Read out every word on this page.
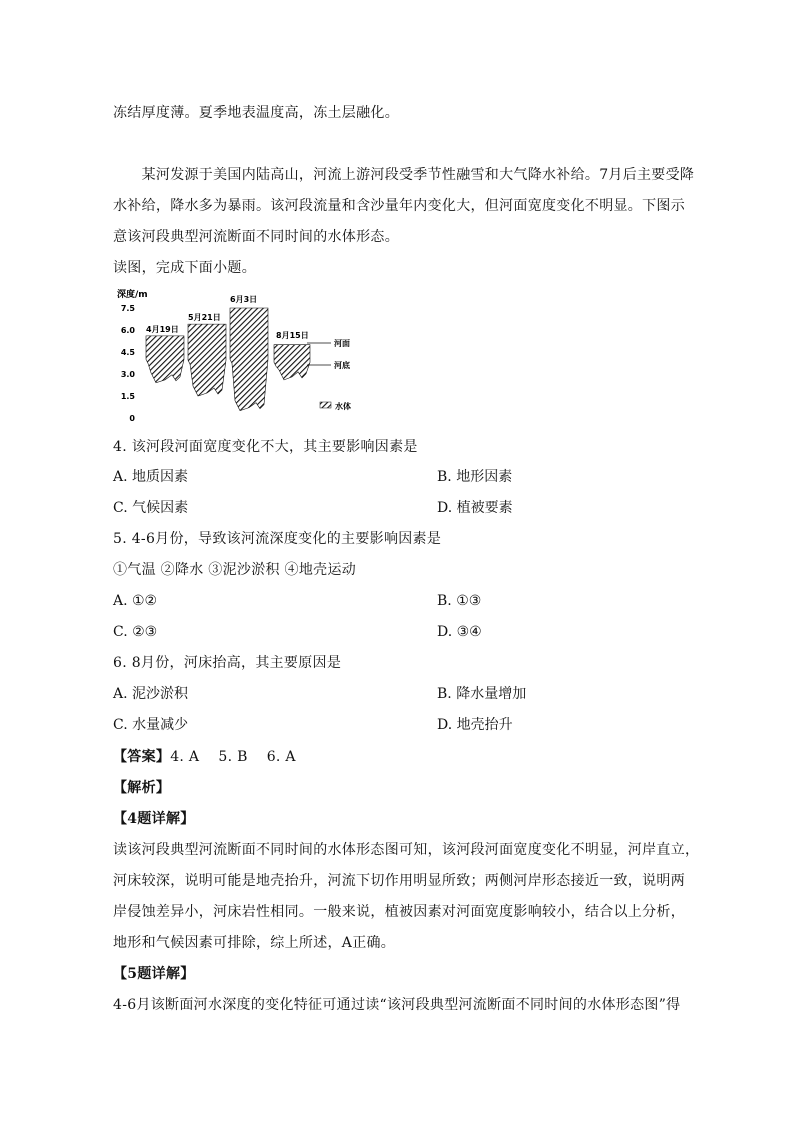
冻结厚度薄。夏季地表温度高，冻土层融化。
　　某河发源于美国内陆高山，河流上游河段受季节性融雪和大气降水补给。7月后主要受降
水补给，降水多为暴雨。该河段流量和含沙量年内变化大，但河面宽度变化不明显。下图示
意该河段典型河流断面不同时间的水体形态。
读图，完成下面小题。
深度/m
7.5
6.0
4.5
3.0
1.5
0
4月19日
5月21日
6月3日
8月15日
河面
河底
水体
4. 该河段河面宽度变化不大，其主要影响因素是
A. 地质因素	B. 地形因素
C. 气候因素	D. 植被要素
5. 4-6月份，导致该河流深度变化的主要影响因素是
①气温 ②降水 ③泥沙淤积 ④地壳运动
A. ①②	B. ①③
C. ②③	D. ③④
6. 8月份，河床抬高，其主要原因是
A. 泥沙淤积	B. 降水量增加
C. 水量减少	D. 地壳抬升
【答案】4. A　 5. B　 6. A
【解析】
【4题详解】
读该河段典型河流断面不同时间的水体形态图可知，该河段河面宽度变化不明显，河岸直立，
河床较深，说明可能是地壳抬升，河流下切作用明显所致；两侧河岸形态接近一致，说明两
岸侵蚀差异小，河床岩性相同。一般来说，植被因素对河面宽度影响较小，结合以上分析，
地形和气候因素可排除，综上所述，A正确。
【5题详解】
4-6月该断面河水深度的变化特征可通过读“该河段典型河流断面不同时间的水体形态图”得
